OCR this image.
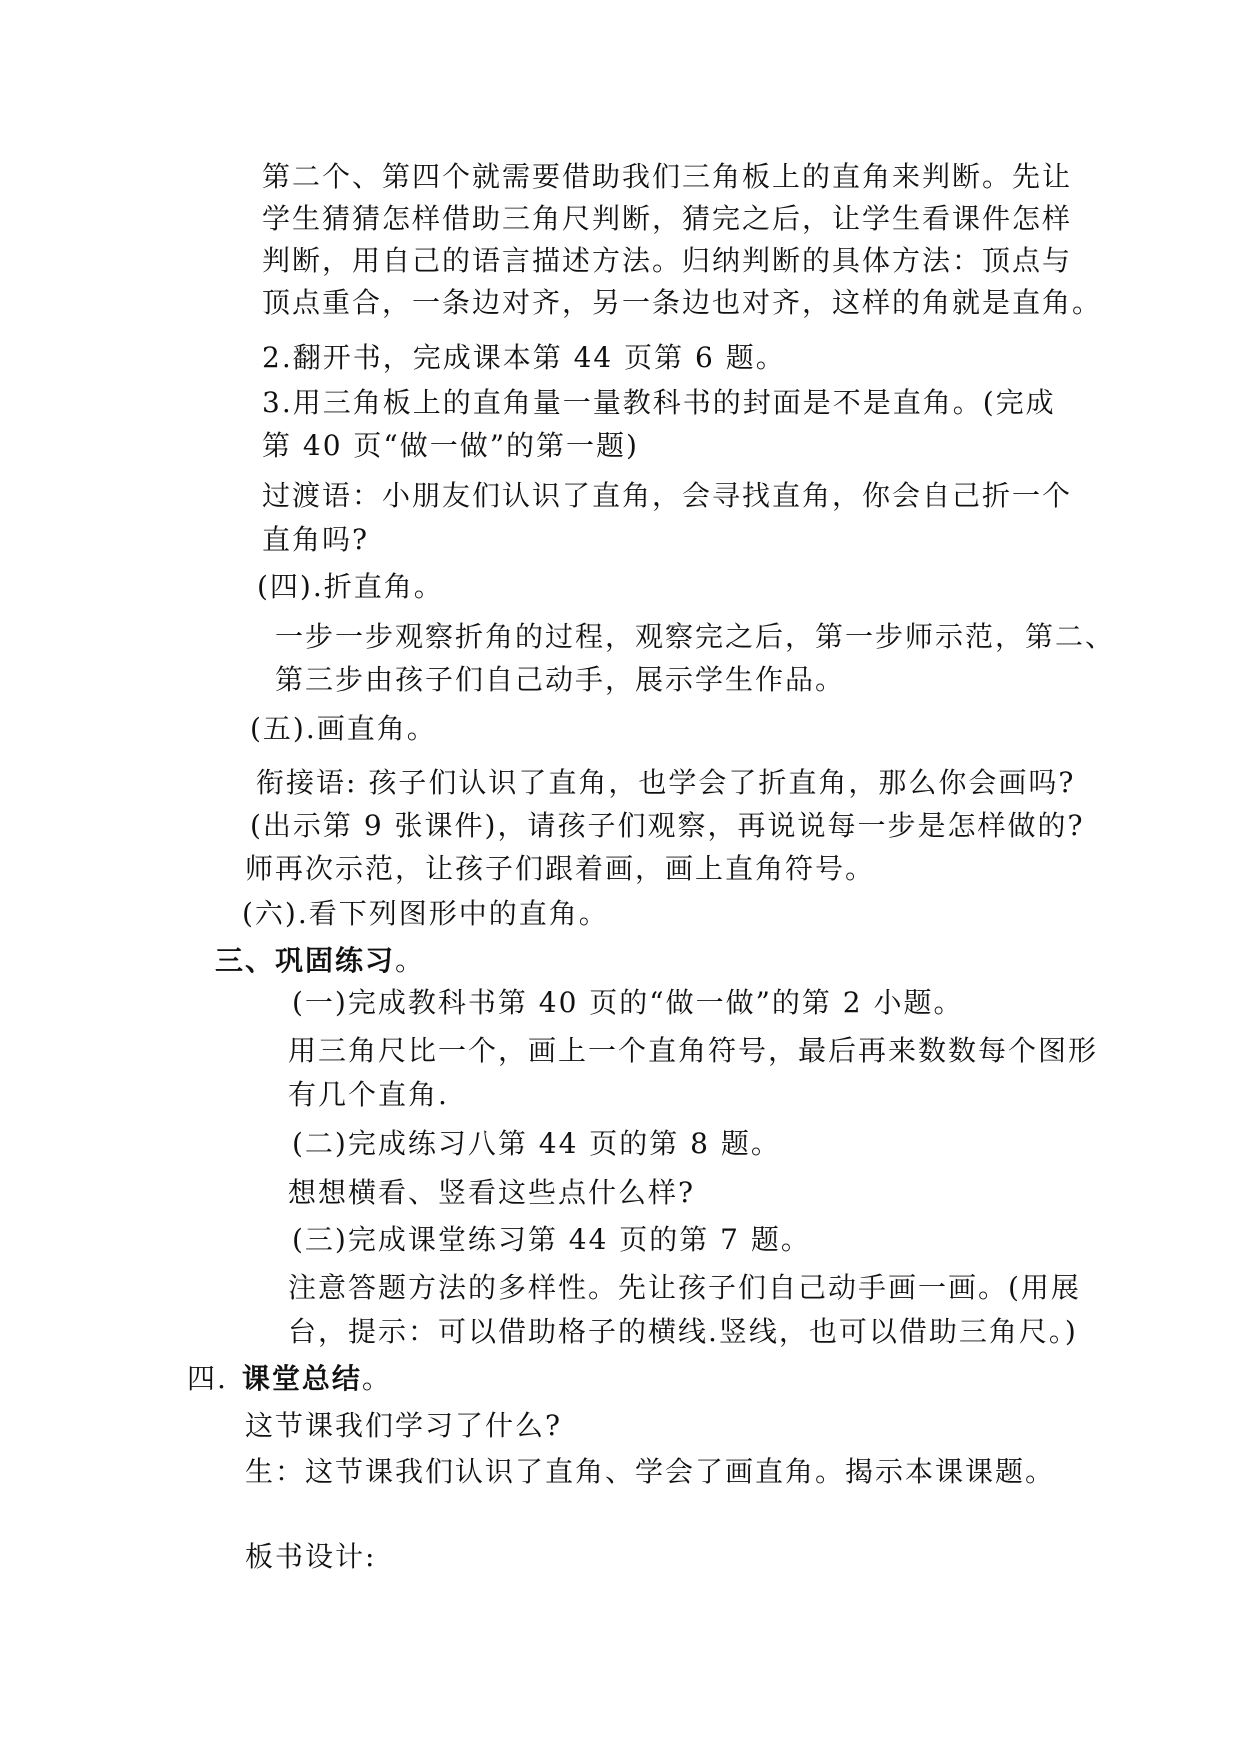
第二个、第四个就需要借助我们三角板上的直角来判断。先让
学生猜猜怎样借助三角尺判断，猜完之后，让学生看课件怎样
判断，用自己的语言描述方法。归纳判断的具体方法：顶点与
顶点重合，一条边对齐，另一条边也对齐，这样的角就是直角。
2.翻开书，完成课本第 44 页第 6 题。
3.用三角板上的直角量一量教科书的封面是不是直角。(完成
第 40 页“做一做”的第一题)
过渡语：小朋友们认识了直角，会寻找直角，你会自己折一个
直角吗?
(四).折直角。
一步一步观察折角的过程，观察完之后，第一步师示范，第二、
第三步由孩子们自己动手，展示学生作品。
(五).画直角。
衔接语: 孩子们认识了直角，也学会了折直角，那么你会画吗?
(出示第 9 张课件)，请孩子们观察，再说说每一步是怎样做的?
师再次示范，让孩子们跟着画，画上直角符号。
(六).看下列图形中的直角。
三、巩固练习。
(一)完成教科书第 40 页的“做一做”的第 2 小题。
用三角尺比一个，画上一个直角符号，最后再来数数每个图形
有几个直角.
(二)完成练习八第 44 页的第 8 题。
想想横看、竖看这些点什么样?
(三)完成课堂练习第 44 页的第 7 题。
注意答题方法的多样性。先让孩子们自己动手画一画。(用展
台，提示：可以借助格子的横线.竖线，也可以借助三角尺。)
四. 课堂总结。
这节课我们学习了什么?
生：这节课我们认识了直角、学会了画直角。揭示本课课题。
板书设计:
